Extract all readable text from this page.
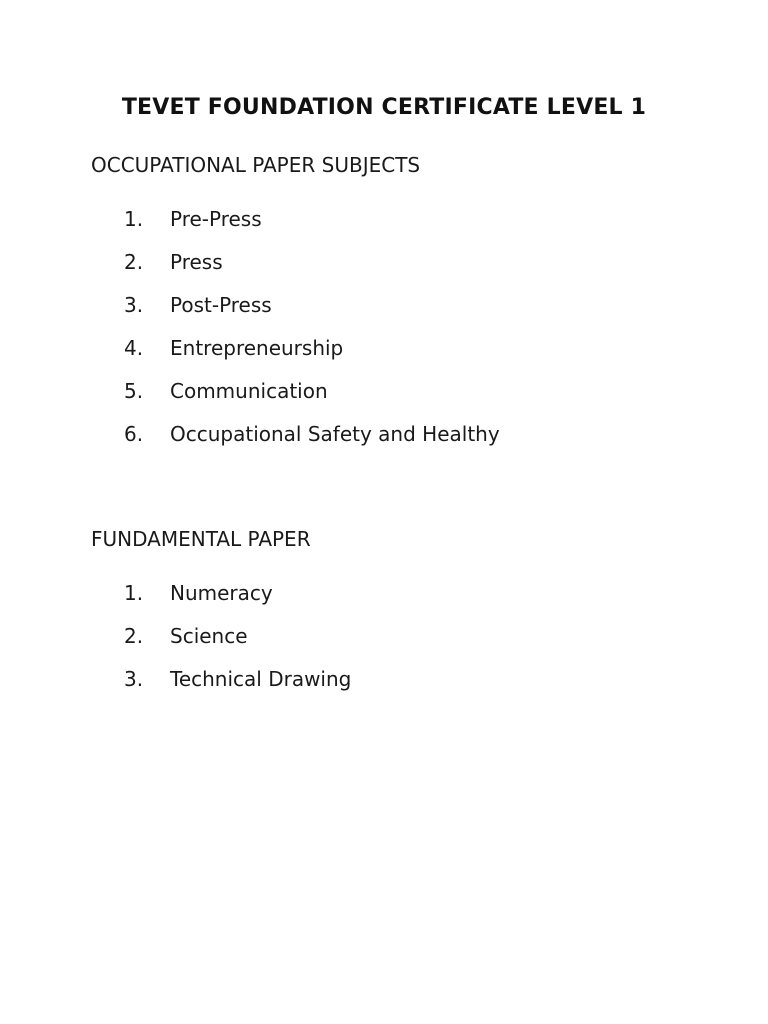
TEVET FOUNDATION CERTIFICATE LEVEL 1
OCCUPATIONAL PAPER SUBJECTS
1.	Pre-Press
2.	Press
3.	Post-Press
4.	Entrepreneurship
5.	Communication
6.	Occupational Safety and Healthy
FUNDAMENTAL PAPER
1.	Numeracy
2.	Science
3.	Technical Drawing
